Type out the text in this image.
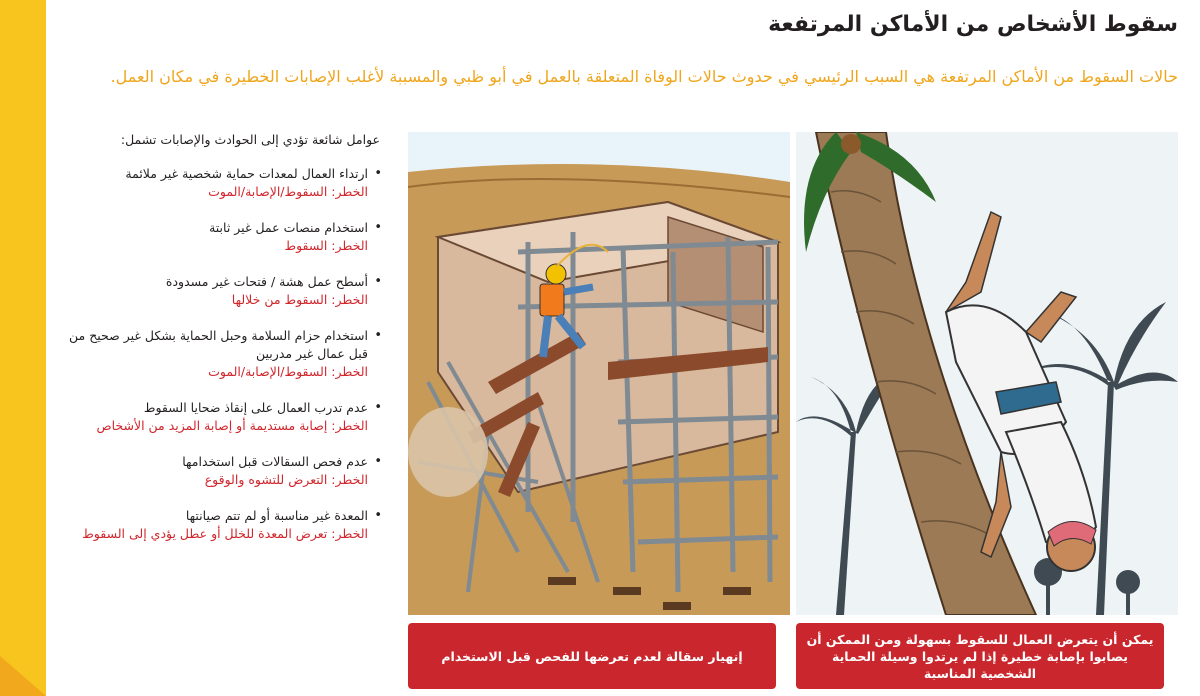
سقوط الأشخاص من الأماكن المرتفعة

حالات السقوط من الأماكن المرتفعة هي السبب الرئيسي في حدوث حالات الوفاة المتعلقة بالعمل في أبو ظبي والمسببة لأغلب الإصابات الخطيرة في مكان العمل.

عوامل شائعة تؤدي إلى الحوادث والإصابات تشمل:

• ارتداء العمال لمعدات حماية شخصية غير ملائمة
الخطر: السقوط/الإصابة/الموت
• استخدام منصات عمل غير ثابتة
الخطر: السقوط
• أسطح عمل هشة / فتحات غير مسدودة
الخطر: السقوط من خلالها
• استخدام حزام السلامة وحبل الحماية بشكل غير صحيح من قبل عمال غير مدربين
الخطر: السقوط/الإصابة/الموت
• عدم تدرب العمال على إنقاذ ضحايا السقوط
الخطر: إصابة مستديمة أو إصابة المزيد من الأشخاص
• عدم فحص السقالات قبل استخدامها
الخطر: التعرض للتشوه والوقوع
• المعدة غير مناسبة أو لم تتم صيانتها
الخطر: تعرض المعدة للخلل أو عطل يؤدي إلى السقوط
إنهيار سقالة لعدم تعرضها للفحص قبل الاستخدام
يمكن أن يتعرض العمال للسقوط بسهولة ومن الممكن أن يصابوا بإصابة خطيرة إذا لم يرتدوا وسيلة الحماية الشخصية المناسبة
